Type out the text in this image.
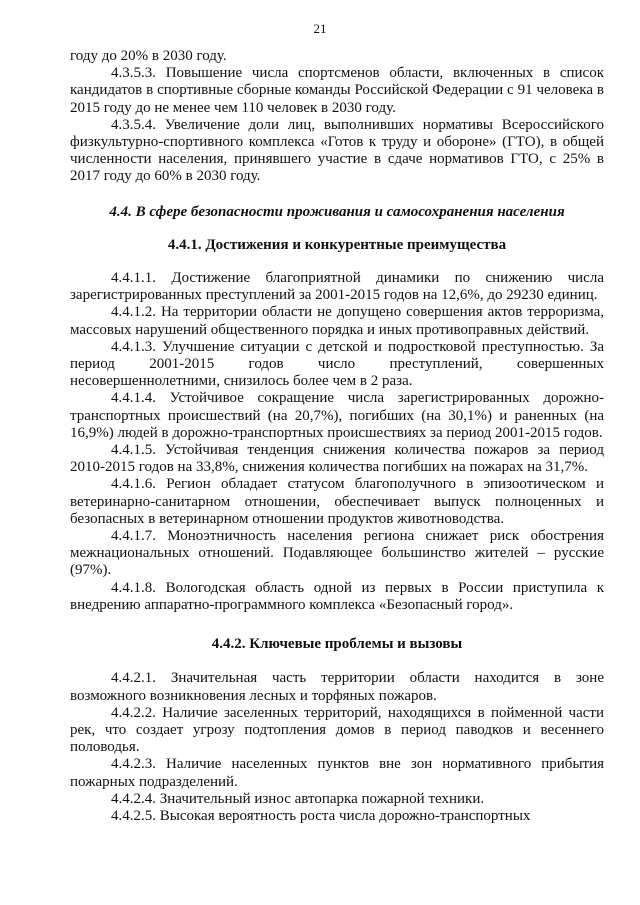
21

году до 20% в 2030 году.

4.3.5.3. Повышение числа спортсменов области, включенных в список кандидатов в спортивные сборные команды Российской Федерации с 91 человека в 2015 году до не менее чем 110 человек в 2030 году.

4.3.5.4. Увеличение доли лиц, выполнивших нормативы Всероссийского физкультурно-спортивного комплекса «Готов к труду и обороне» (ГТО), в общей численности населения, принявшего участие в сдаче нормативов ГТО, с 25% в 2017 году до 60% в 2030 году.

4.4. В сфере безопасности проживания и самосохранения населения
4.4.1. Достижения и конкурентные преимущества

4.4.1.1. Достижение благоприятной динамики по снижению числа зарегистрированных преступлений за 2001-2015 годов на 12,6%, до 29230 единиц.

4.4.1.2. На территории области не допущено совершения актов терроризма, массовых нарушений общественного порядка и иных противоправных действий.

4.4.1.3. Улучшение ситуации с детской и подростковой преступностью. За период 2001-2015 годов число преступлений, совершенных несовершеннолетними, снизилось более чем в 2 раза.

4.4.1.4. Устойчивое сокращение числа зарегистрированных дорожно-транспортных происшествий (на 20,7%), погибших (на 30,1%) и раненных (на 16,9%) людей в дорожно-транспортных происшествиях за период 2001-2015 годов.

4.4.1.5. Устойчивая тенденция снижения количества пожаров за период 2010-2015 годов на 33,8%, снижения количества погибших на пожарах на 31,7%.

4.4.1.6. Регион обладает статусом благополучного в эпизоотическом и ветеринарно-санитарном отношении, обеспечивает выпуск полноценных и безопасных в ветеринарном отношении продуктов животноводства.

4.4.1.7. Моноэтничность населения региона снижает риск обострения межнациональных отношений. Подавляющее большинство жителей – русские (97%).

4.4.1.8. Вологодская область одной из первых в России приступила к внедрению аппаратно-программного комплекса «Безопасный город».

4.4.2. Ключевые проблемы и вызовы

4.4.2.1. Значительная часть территории области находится в зоне возможного возникновения лесных и торфяных пожаров.

4.4.2.2. Наличие заселенных территорий, находящихся в пойменной части рек, что создает угрозу подтопления домов в период паводков и весеннего половодья.

4.4.2.3. Наличие населенных пунктов вне зон нормативного прибытия пожарных подразделений.

4.4.2.4. Значительный износ автопарка пожарной техники.

4.4.2.5. Высокая вероятность роста числа дорожно-транспортных
